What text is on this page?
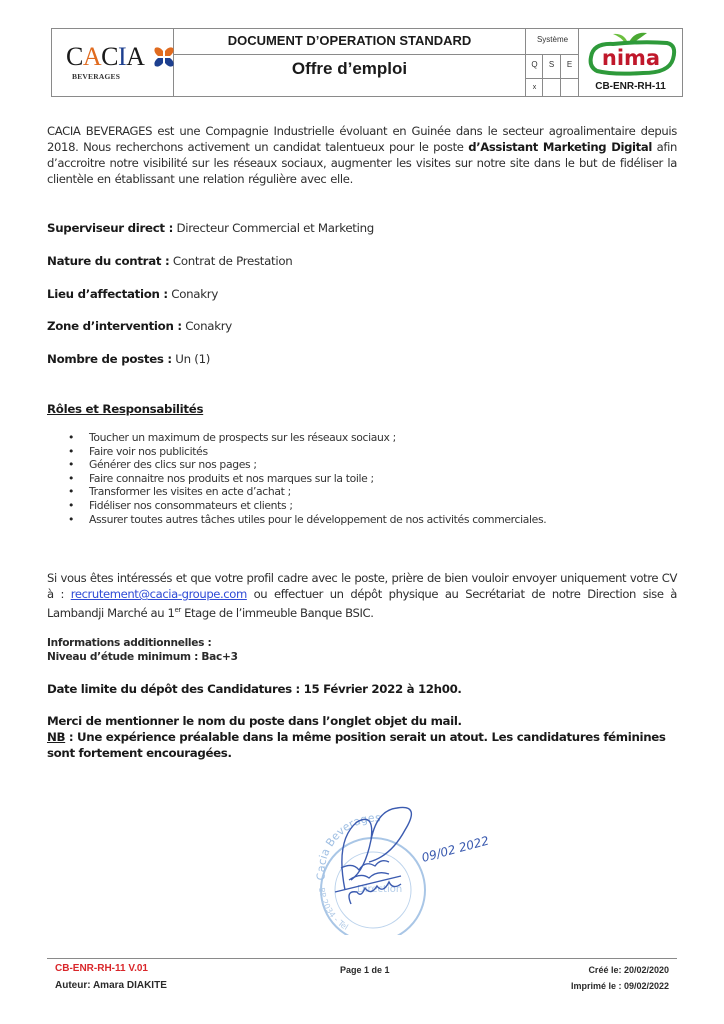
CACIA
BEVERAGES
DOCUMENT D’OPERATION STANDARD
Offre d’emploi
Système
Q	S	E
x
nima
CB-ENR-RH-11
CACIA BEVERAGES est une Compagnie Industrielle évoluant en Guinée dans le secteur agroalimentaire depuis 2018. Nous recherchons activement un candidat talentueux pour le poste d’Assistant Marketing Digital afin d’accroitre notre visibilité sur les réseaux sociaux, augmenter les visites sur notre site dans le but de fidéliser la clientèle en établissant une relation régulière avec elle.
Superviseur direct : Directeur Commercial et Marketing
Nature du contrat : Contrat de Prestation
Lieu d’affectation : Conakry
Zone d’intervention : Conakry
Nombre de postes : Un (1)
Rôles et Responsabilités
• Toucher un maximum de prospects sur les réseaux sociaux ;
• Faire voir nos publicités
• Générer des clics sur nos pages ;
• Faire connaitre nos produits et nos marques sur la toile ;
• Transformer les visites en acte d’achat ;
• Fidéliser nos consommateurs et clients ;
• Assurer toutes autres tâches utiles pour le développement de nos activités commerciales.
Si vous êtes intéressés et que votre profil cadre avec le poste, prière de bien vouloir envoyer uniquement votre CV à : recrutement@cacia-groupe.com ou effectuer un dépôt physique au Secrétariat de notre Direction sise à Lambandji Marché au 1er Etage de l’immeuble Banque BSIC.
Informations additionnelles :
Niveau d’étude minimum : Bac+3
Date limite du dépôt des Candidatures : 15 Février 2022 à 12h00.
Merci de mentionner le nom du poste dans l’onglet objet du mail.
NB : Une expérience préalable dans la même position serait un atout. Les candidatures féminines sont fortement encouragées.
Cacia Beverages
BP 2034 - Tel
Direction
09/02 2022
CB-ENR-RH-11 V.01
Auteur: Amara DIAKITE
Page 1 de 1	Créé le: 20/02/2020
Imprimé le : 09/02/2022
